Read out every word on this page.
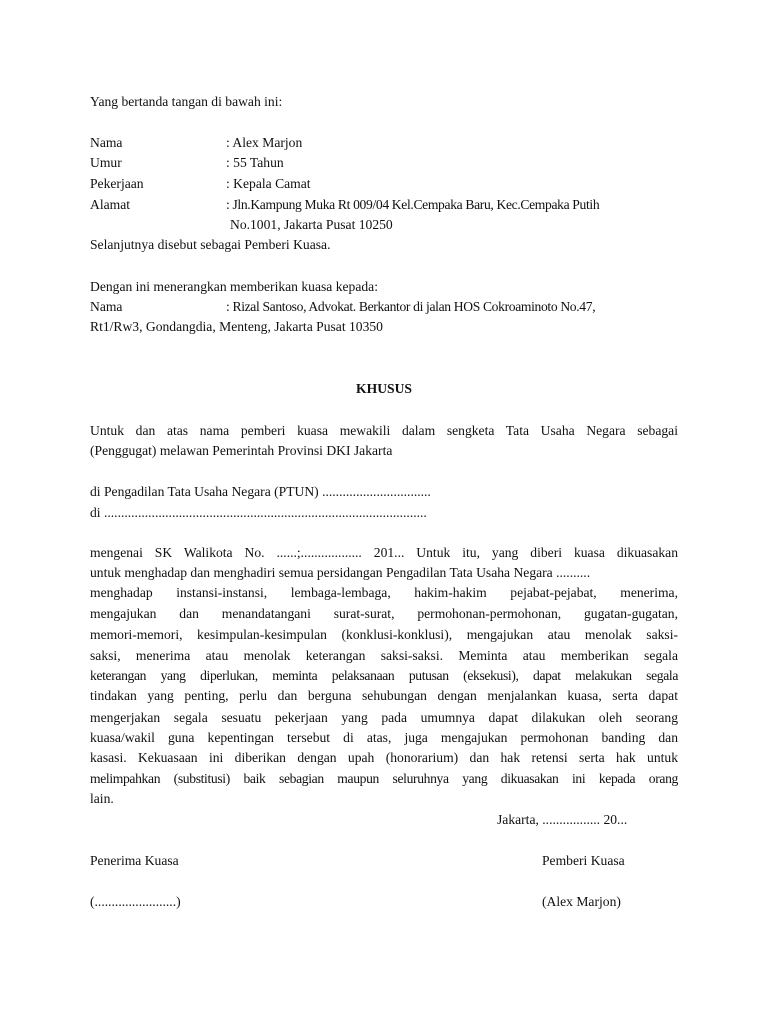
Yang bertanda tangan di bawah ini:
Nama	: Alex Marjon
Umur	: 55 Tahun
Pekerjaan	: Kepala Camat
Alamat	: Jln.Kampung Muka Rt 009/04 Kel.Cempaka Baru, Kec.Cempaka Putih
No.1001, Jakarta Pusat 10250
Selanjutnya disebut sebagai Pemberi Kuasa.
Dengan ini menerangkan memberikan kuasa kepada:
Nama	: Rizal Santoso, Advokat. Berkantor di jalan HOS Cokroaminoto No.47,
Rt1/Rw3, Gondangdia, Menteng, Jakarta Pusat 10350
KHUSUS
Untuk dan atas nama pemberi kuasa mewakili dalam sengketa Tata Usaha Negara sebagai
(Penggugat) melawan Pemerintah Provinsi DKI Jakarta
di Pengadilan Tata Usaha Negara (PTUN) ................................
di ...............................................................................................
mengenai SK Walikota No. ......;.................. 201... Untuk itu, yang diberi kuasa dikuasakan
untuk menghadap dan menghadiri semua persidangan Pengadilan Tata Usaha Negara ..........
menghadap instansi-instansi, lembaga-lembaga, hakim-hakim pejabat-pejabat, menerima,
mengajukan dan menandatangani surat-surat, permohonan-permohonan, gugatan-gugatan,
memori-memori, kesimpulan-kesimpulan (konklusi-konklusi), mengajukan atau menolak saksi-
saksi, menerima atau menolak keterangan saksi-saksi. Meminta atau memberikan segala
keterangan yang diperlukan, meminta pelaksanaan putusan (eksekusi), dapat melakukan segala
tindakan yang penting, perlu dan berguna sehubungan dengan menjalankan kuasa, serta dapat
mengerjakan segala sesuatu pekerjaan yang pada umumnya dapat dilakukan oleh seorang
kuasa/wakil guna kepentingan tersebut di atas, juga mengajukan permohonan banding dan
kasasi. Kekuasaan ini diberikan dengan upah (honorarium) dan hak retensi serta hak untuk
melimpahkan (substitusi) baik sebagian maupun seluruhnya yang dikuasakan ini kepada orang
lain.
Jakarta, ................. 20...
Penerima Kuasa	Pemberi Kuasa
(........................)	(Alex Marjon)
